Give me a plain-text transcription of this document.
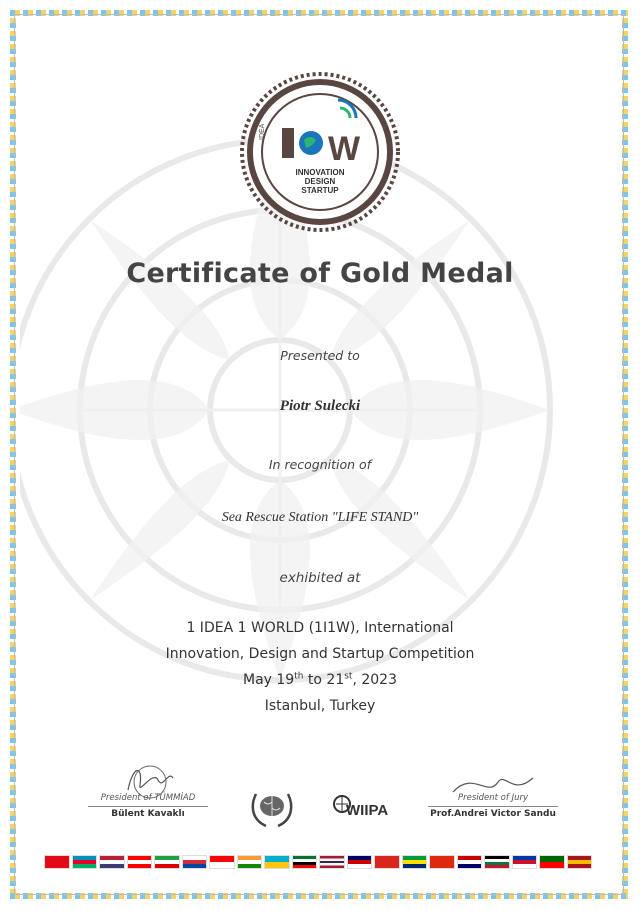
W
IDEA
INNOVATION
DESIGN
STARTUP
Certificate of Gold Medal
Presented to
Piotr Sulecki
In recognition of
Sea Rescue Station "LIFE STAND"
exhibited at
1 IDEA 1 WORLD (1I1W), International
Innovation, Design and Startup Competition
May 19th to 21st, 2023
Istanbul, Turkey
President of TÜMMİAD
Bülent Kavaklı	WIIPA
President of Jury
Prof.Andrei Victor Sandu
